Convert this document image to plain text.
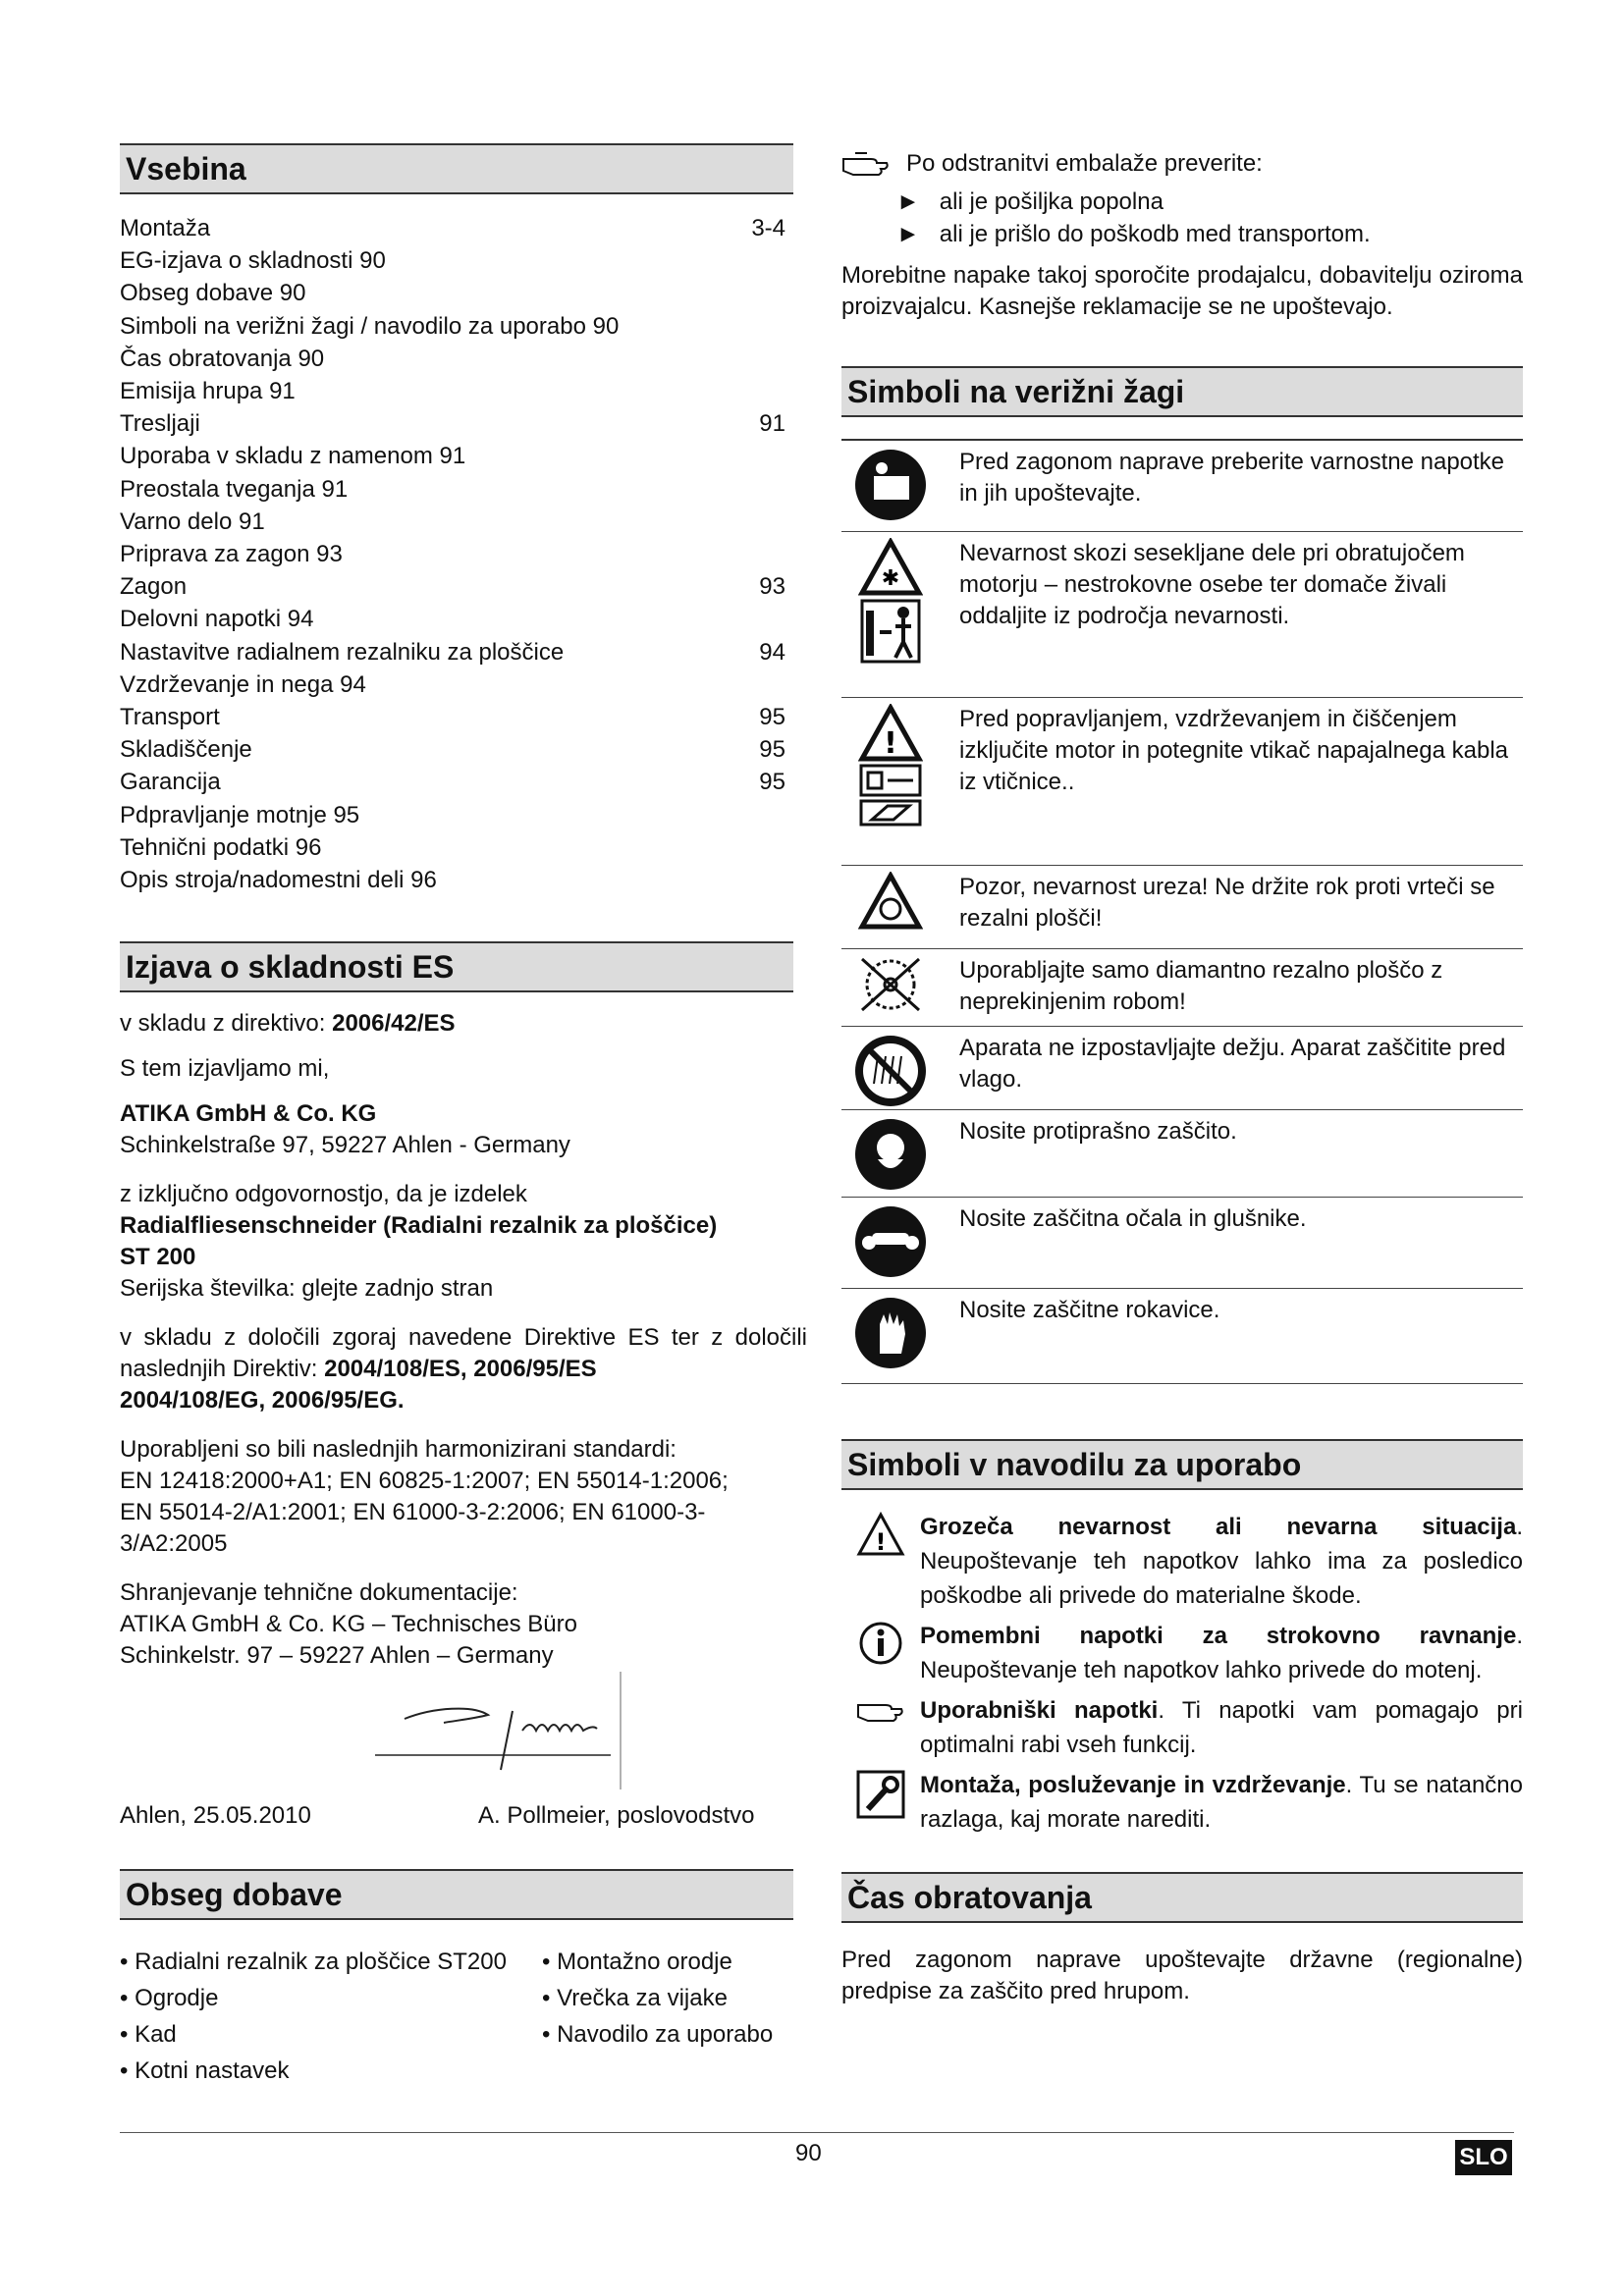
Vsebina
Montaža	3-4
EG-izjava o skladnosti 90
Obseg dobave 90
Simboli na verižni žagi / navodilo za uporabo 90
Čas obratovanja 90
Emisija hrupa 91
Tresljaji	91
Uporaba v skladu z namenom 91
Preostala tveganja 91
Varno delo 91
Priprava za zagon 93
Zagon	93
Delovni napotki 94
Nastavitve radialnem rezalniku za ploščice	94
Vzdrževanje in nega 94
Transport	95
Skladiščenje	95
Garancija	95
Pdpravljanje motnje 95
Tehnični podatki 96
Opis stroja/nadomestni deli 96
Izjava o skladnosti ES

v skladu z direktivo: 2006/42/ES

S tem izjavljamo mi,

ATIKA GmbH & Co. KG

Schinkelstraße 97, 59227 Ahlen - Germany

z izključno odgovornostjo, da je izdelek

Radialfliesenschneider (Radialni rezalnik za ploščice)

ST 200

Serijska številka: glejte zadnjo stran

v skladu z določili zgoraj navedene Direktive ES ter z določili naslednjih Direktiv: 2004/108/ES, 2006/95/ES

2004/108/EG, 2006/95/EG.

Uporabljeni so bili naslednjih harmonizirani standardi:

EN 12418:2000+A1; EN 60825-1:2007; EN 55014-1:2006;

EN 55014-2/A1:2001; EN 61000-3-2:2006; EN 61000-3-3/A2:2005

Shranjevanje tehnične dokumentacije:

ATIKA GmbH & Co. KG – Technisches Büro

Schinkelstr. 97 – 59227 Ahlen – Germany

Ahlen, 25.05.2010	A. Pollmeier, poslovodstvo
Obseg dobave
• Radialni rezalnik za ploščice ST200
• Ogrodje
• Kad
• Kotni nastavek
• Montažno orodje
• Vrečka za vijake
• Navodilo za uporabo
Po odstranitvi embalaže preverite:
►   ali je pošiljka popolna
►   ali je prišlo do poškodb med transportom.

Morebitne napake takoj sporočite prodajalcu, dobavitelju oziroma proizvajalcu. Kasnejše reklamacije se ne upoštevajo.

Simboli na verižni žagi
Pred zagonom naprave preberite varnostne napotke in jih upoštevajte.
✱
Nevarnost skozi sesekljane dele pri obratujočem motorju – nestrokovne osebe ter domače živali oddaljite iz področja nevarnosti.
!
Pred popravljanjem, vzdrževanjem in čiščenjem izključite motor in potegnite vtikač napajalnega kabla iz vtičnice..
Pozor, nevarnost ureza! Ne držite rok proti vrteči se rezalni plošči!
Uporabljajte samo diamantno rezalno ploščo z neprekinjenim robom!
Aparata ne izpostavljajte dežju. Aparat zaščitite pred vlago.
Nosite protiprašno zaščito.
Nosite zaščitna očala in glušnike.
Nosite zaščitne rokavice.
Simboli v navodilu za uporabo
!
Grozeča nevarnost ali nevarna situacija. Neupoštevanje teh napotkov lahko ima za posledico poškodbe ali privede do materialne škode.
Pomembni napotki za strokovno ravnanje. Neupoštevanje teh napotkov lahko privede do motenj.
Uporabniški napotki. Ti napotki vam pomagajo pri optimalni rabi vseh funkcij.
Montaža, posluževanje in vzdrževanje. Tu se natančno razlaga, kaj morate narediti.
Čas obratovanja

Pred zagonom naprave upoštevajte državne (regionalne) predpise za zaščito pred hrupom.

90	SLO
